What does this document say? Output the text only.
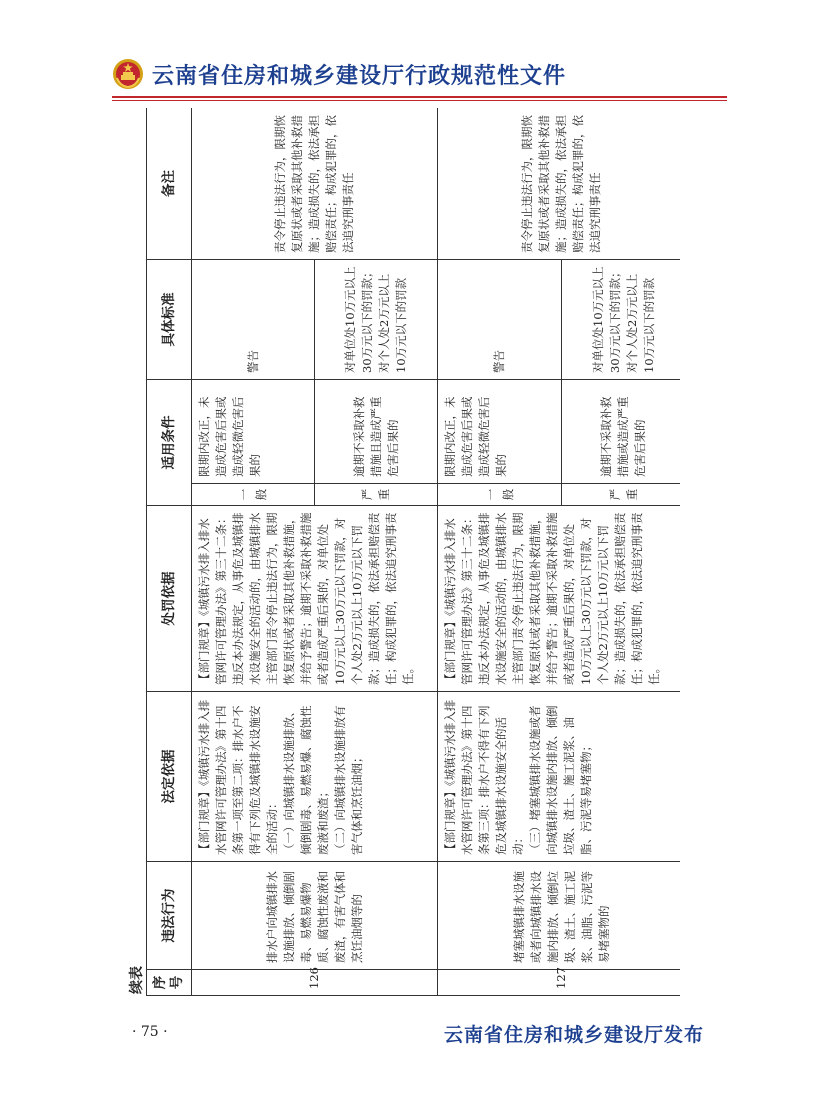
云南省住房和城乡建设厅行政规范性文件
续表 序号	违法行为	法定依据	处罚依据	适用条件		具体标准	备注
126	排水户向城镇排水设施排放、倾倒剧毒、易燃易爆物质、腐蚀性废液和废渣，有害气体和烹饪油烟等的	【部门规章】《城镇污水排入排水管网许可管理办法》第十四条第一项至第二项：排水户不得有下列危及城镇排水设施安全的活动： （一）向城镇排水设施排放、倾倒剧毒、易燃易爆、腐蚀性废液和废渣； （二）向城镇排水设施排放有害气体和烹饪油烟；	【部门规章】《城镇污水排入排水管网许可管理办法》第三十二条：违反本办法规定，从事危及城镇排水设施安全的活动的，由城镇排水主管部门责令停止违法行为，限期恢复原状或者采取其他补救措施，并给予警告；逾期不采取补救措施或者造成严重后果的，对单位处10万元以上30万元以下罚款，对个人处2万元以上10万元以下罚款；造成损失的，依法承担赔偿责任；构成犯罪的，依法追究刑事责任。	一般	限期内改正，未造成危害后果或造成轻微危害后果的	警告	责令停止违法行为，限期恢复原状或者采取其他补救措施；造成损失的，依法承担赔偿责任；构成犯罪的，依法追究刑事责任
				严重	逾期不采取补救措施且造成严重危害后果的	对单位处10万元以上30万元以下的罚款；对个人处2万元以上10万元以下的罚款	
127	堵塞城镇排水设施或者向城镇排水设施内排放、倾倒垃圾、渣土、施工泥浆、油脂、污泥等易堵塞物的	【部门规章】《城镇污水排入排水管网许可管理办法》第十四条第三项：排水户不得有下列危及城镇排水设施安全的活动： （三）堵塞城镇排水设施或者向城镇排水设施内排放、倾倒垃圾、渣土、施工泥浆、油脂、污泥等易堵塞物；	【部门规章】《城镇污水排入排水管网许可管理办法》第三十二条：违反本办法规定，从事危及城镇排水设施安全的活动的，由城镇排水主管部门责令停止违法行为，限期恢复原状或者采取其他补救措施，并给予警告；逾期不采取补救措施或者造成严重后果的，对单位处10万元以上30万元以下罚款，对个人处2万元以上10万元以下罚款；造成损失的，依法承担赔偿责任；构成犯罪的，依法追究刑事责任。	一般	限期内改正，未造成危害后果或造成轻微危害后果的	警告	责令停止违法行为，限期恢复原状或者采取其他补救措施；造成损失的，依法承担赔偿责任；构成犯罪的，依法追究刑事责任
				严重	逾期不采取补救措施或造成严重危害后果的	对单位处10万元以上30万元以下的罚款；对个人处2万元以上10万元以下的罚款	
· 75 ·	云南省住房和城乡建设厅发布
